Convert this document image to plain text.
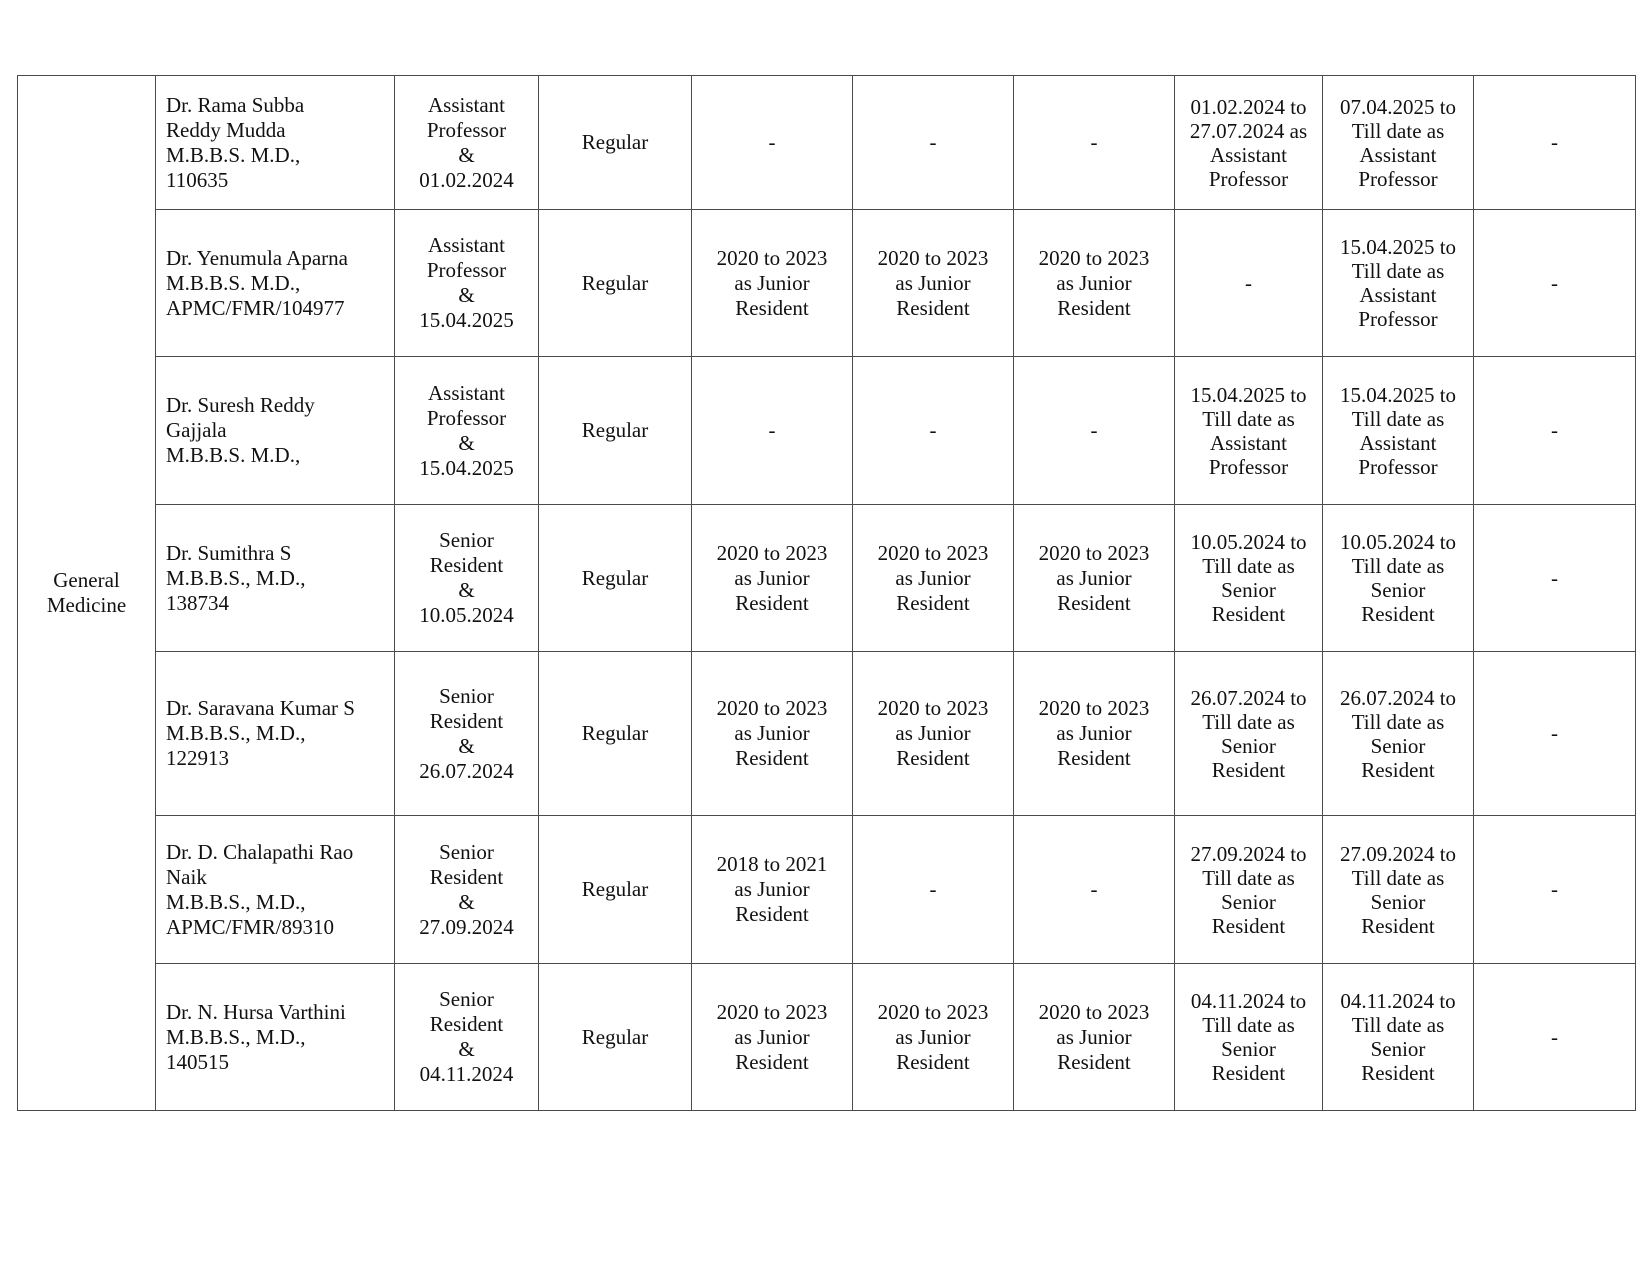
General
Medicine	Dr. Rama Subba
Reddy Mudda
M.B.B.S. M.D.,
110635	Assistant
Professor
&
01.02.2024	Regular	-	-	-	01.02.2024 to
27.07.2024 as
Assistant
Professor	07.04.2025 to
Till date as
Assistant
Professor	-

	Dr. Yenumula Aparna
M.B.B.S. M.D.,
APMC/FMR/104977	Assistant
Professor
&
15.04.2025	Regular	2020 to 2023
as Junior
Resident	2020 to 2023
as Junior
Resident	2020 to 2023
as Junior
Resident	-	15.04.2025 to
Till date as
Assistant
Professor	-

	Dr. Suresh Reddy
Gajjala
M.B.B.S. M.D.,	Assistant
Professor
&
15.04.2025	Regular	-	-	-	15.04.2025 to
Till date as
Assistant
Professor	15.04.2025 to
Till date as
Assistant
Professor	-

	Dr. Sumithra S
M.B.B.S., M.D.,
138734	Senior
Resident
&
10.05.2024	Regular	2020 to 2023
as Junior
Resident	2020 to 2023
as Junior
Resident	2020 to 2023
as Junior
Resident	10.05.2024 to
Till date as
Senior
Resident	10.05.2024 to
Till date as
Senior
Resident	-

	Dr. Saravana Kumar S
M.B.B.S., M.D.,
122913	Senior
Resident
&
26.07.2024	Regular	2020 to 2023
as Junior
Resident	2020 to 2023
as Junior
Resident	2020 to 2023
as Junior
Resident	26.07.2024 to
Till date as
Senior
Resident	26.07.2024 to
Till date as
Senior
Resident	-

	Dr. D. Chalapathi Rao
Naik
M.B.B.S., M.D.,
APMC/FMR/89310	Senior
Resident
&
27.09.2024	Regular	2018 to 2021
as Junior
Resident	-	-	27.09.2024 to
Till date as
Senior
Resident	27.09.2024 to
Till date as
Senior
Resident	-

	Dr. N. Hursa Varthini
M.B.B.S., M.D.,
140515	Senior
Resident
&
04.11.2024	Regular	2020 to 2023
as Junior
Resident	2020 to 2023
as Junior
Resident	2020 to 2023
as Junior
Resident	04.11.2024 to
Till date as
Senior
Resident	04.11.2024 to
Till date as
Senior
Resident	-
